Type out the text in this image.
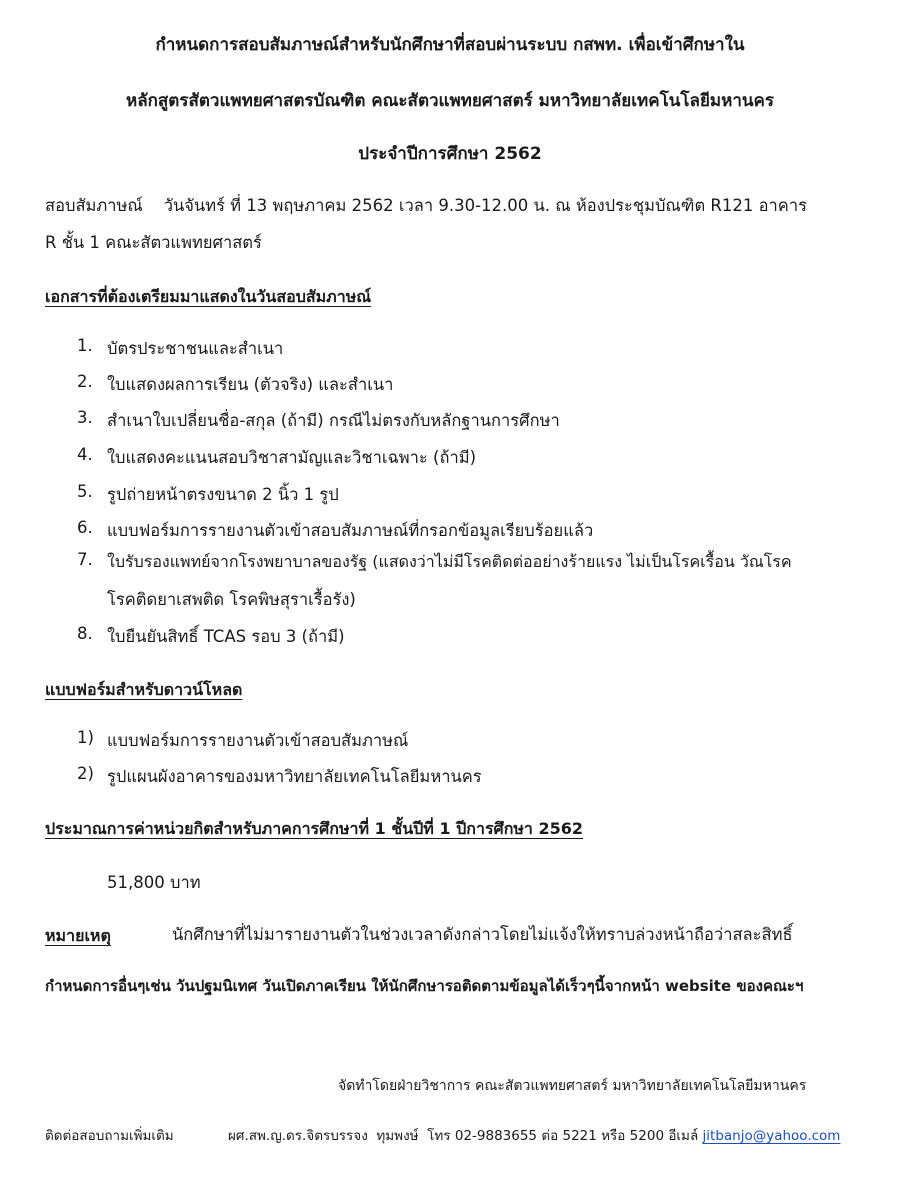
กำหนดการสอบสัมภาษณ์สำหรับนักศึกษาที่สอบผ่านระบบ กสพท. เพื่อเข้าศึกษาใน

หลักสูตรสัตวแพทยศาสตรบัณฑิต คณะสัตวแพทยศาสตร์ มหาวิทยาลัยเทคโนโลยีมหานคร

ประจำปีการศึกษา 2562

สอบสัมภาษณ์    วันจันทร์ ที่ 13 พฤษภาคม 2562 เวลา 9.30-12.00 น. ณ ห้องประชุมบัณฑิต R121 อาคาร

R ชั้น 1 คณะสัตวแพทยศาสตร์

เอกสารที่ต้องเตรียมมาแสดงในวันสอบสัมภาษณ์

1. บัตรประชาชนและสำเนา
2. ใบแสดงผลการเรียน (ตัวจริง) และสำเนา
3. สำเนาใบเปลี่ยนชื่อ-สกุล (ถ้ามี) กรณีไม่ตรงกับหลักฐานการศึกษา
4. ใบแสดงคะแนนสอบวิชาสามัญและวิชาเฉพาะ (ถ้ามี)
5. รูปถ่ายหน้าตรงขนาด 2 นิ้ว 1 รูป
6. แบบฟอร์มการรายงานตัวเข้าสอบสัมภาษณ์ที่กรอกข้อมูลเรียบร้อยแล้ว
7. ใบรับรองแพทย์จากโรงพยาบาลของรัฐ (แสดงว่าไม่มีโรคติดต่ออย่างร้ายแรง ไม่เป็นโรคเรื้อน วัณโรค
โรคติดยาเสพติด โรคพิษสุราเรื้อรัง)
8. ใบยืนยันสิทธิ์ TCAS รอบ 3 (ถ้ามี)

แบบฟอร์มสำหรับดาวน์โหลด

1) แบบฟอร์มการรายงานตัวเข้าสอบสัมภาษณ์
2) รูปแผนผังอาคารของมหาวิทยาลัยเทคโนโลยีมหานคร

ประมาณการค่าหน่วยกิตสำหรับภาคการศึกษาที่ 1 ชั้นปีที่ 1 ปีการศึกษา 2562

51,800 บาท

หมายเหตุ	นักศึกษาที่ไม่มารายงานตัวในช่วงเวลาดังกล่าวโดยไม่แจ้งให้ทราบล่วงหน้าถือว่าสละสิทธิ์

กำหนดการอื่นๆเช่น วันปฐมนิเทศ วันเปิดภาคเรียน ให้นักศึกษารอติดตามข้อมูลได้เร็วๆนี้จากหน้า website ของคณะฯ

จัดทำโดยฝ่ายวิชาการ คณะสัตวแพทยศาสตร์ มหาวิทยาลัยเทคโนโลยีมหานคร

ติดต่อสอบถามเพิ่มเติม	ผศ.สพ.ญ.ดร.จิตรบรรจง  ทุมพงษ์  โทร 02-9883655 ต่อ 5221 หรือ 5200 อีเมล์ jitbanjo@yahoo.com
